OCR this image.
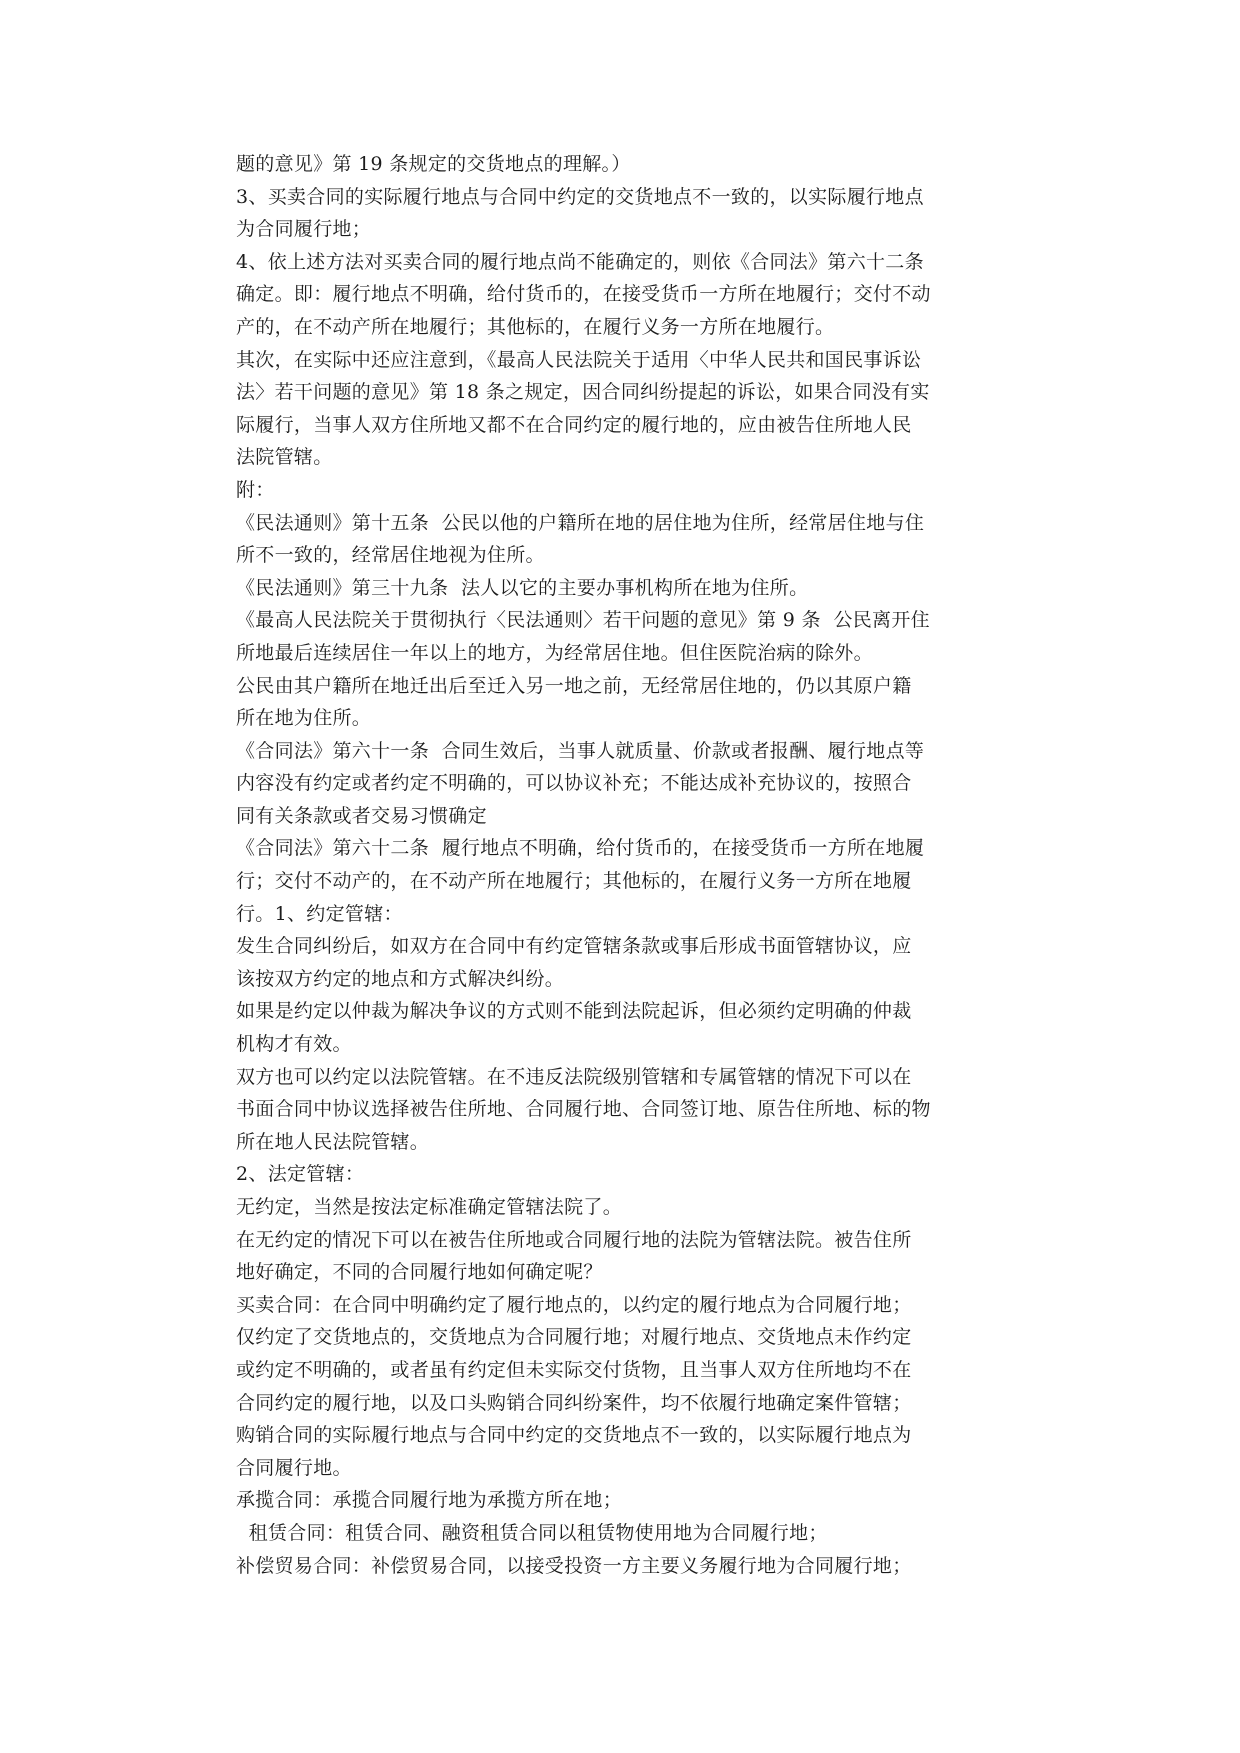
题的意见》第 19 条规定的交货地点的理解。）
3、买卖合同的实际履行地点与合同中约定的交货地点不一致的，以实际履行地点
为合同履行地；
4、依上述方法对买卖合同的履行地点尚不能确定的，则依《合同法》第六十二条
确定。即：履行地点不明确，给付货币的，在接受货币一方所在地履行；交付不动
产的，在不动产所在地履行；其他标的，在履行义务一方所在地履行。
其次，在实际中还应注意到，《最高人民法院关于适用〈中华人民共和国民事诉讼
法〉若干问题的意见》第 18 条之规定，因合同纠纷提起的诉讼，如果合同没有实
际履行，当事人双方住所地又都不在合同约定的履行地的，应由被告住所地人民
法院管辖。
附：
《民法通则》第十五条  公民以他的户籍所在地的居住地为住所，经常居住地与住
所不一致的，经常居住地视为住所。
《民法通则》第三十九条  法人以它的主要办事机构所在地为住所。
《最高人民法院关于贯彻执行〈民法通则〉若干问题的意见》第 9 条  公民离开住
所地最后连续居住一年以上的地方，为经常居住地。但住医院治病的除外。
公民由其户籍所在地迁出后至迁入另一地之前，无经常居住地的，仍以其原户籍
所在地为住所。
《合同法》第六十一条  合同生效后，当事人就质量、价款或者报酬、履行地点等
内容没有约定或者约定不明确的，可以协议补充；不能达成补充协议的，按照合
同有关条款或者交易习惯确定
《合同法》第六十二条  履行地点不明确，给付货币的，在接受货币一方所在地履
行；交付不动产的，在不动产所在地履行；其他标的，在履行义务一方所在地履
行。1、约定管辖：
发生合同纠纷后，如双方在合同中有约定管辖条款或事后形成书面管辖协议，应
该按双方约定的地点和方式解决纠纷。
如果是约定以仲裁为解决争议的方式则不能到法院起诉，但必须约定明确的仲裁
机构才有效。
双方也可以约定以法院管辖。在不违反法院级别管辖和专属管辖的情况下可以在
书面合同中协议选择被告住所地、合同履行地、合同签订地、原告住所地、标的物
所在地人民法院管辖。
2、法定管辖：
无约定，当然是按法定标准确定管辖法院了。
在无约定的情况下可以在被告住所地或合同履行地的法院为管辖法院。被告住所
地好确定，不同的合同履行地如何确定呢？
买卖合同：在合同中明确约定了履行地点的，以约定的履行地点为合同履行地；
仅约定了交货地点的，交货地点为合同履行地；对履行地点、交货地点未作约定
或约定不明确的，或者虽有约定但未实际交付货物，且当事人双方住所地均不在
合同约定的履行地，以及口头购销合同纠纷案件，均不依履行地确定案件管辖；
购销合同的实际履行地点与合同中约定的交货地点不一致的，以实际履行地点为
合同履行地。
承揽合同：承揽合同履行地为承揽方所在地；
租赁合同：租赁合同、融资租赁合同以租赁物使用地为合同履行地；
补偿贸易合同：补偿贸易合同，以接受投资一方主要义务履行地为合同履行地；
